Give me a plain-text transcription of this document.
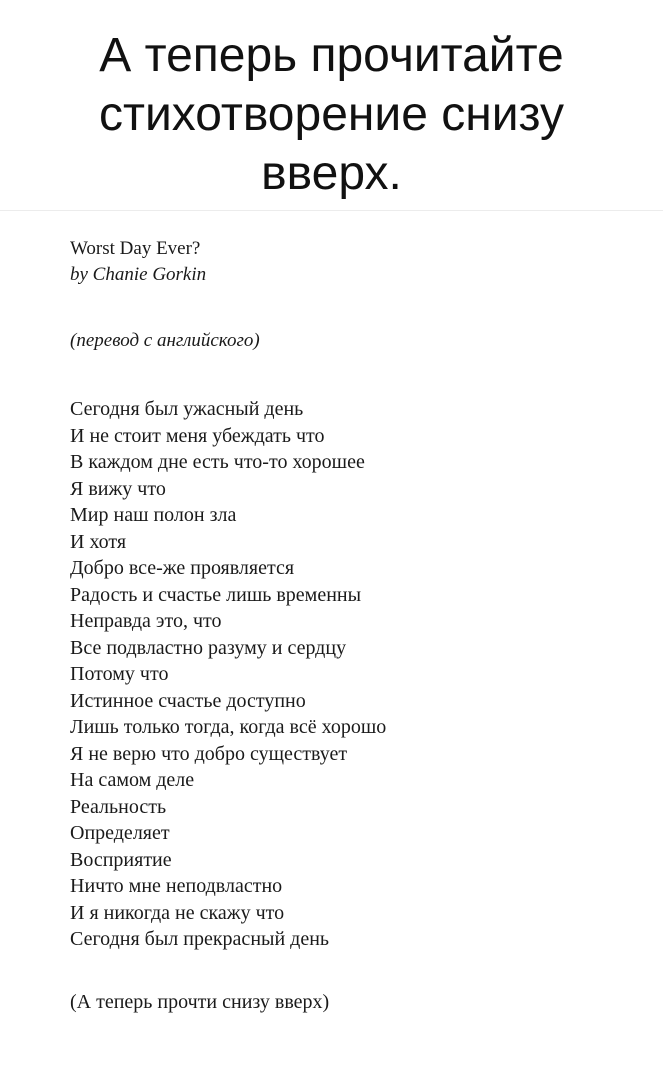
А теперь прочитайте
стихотворение снизу
вверх.
Worst Day Ever?
by Chanie Gorkin
(перевод с английского)
Сегодня был ужасный день
И не стоит меня убеждать что
В каждом дне есть что-то хорошее
Я вижу что
Мир наш полон зла
И хотя
Добро все-же проявляется
Радость и счастье лишь временны
Неправда это, что
Все подвластно разуму и сердцу
Потому что
Истинное счастье доступно
Лишь только тогда, когда всё хорошо
Я не верю что добро существует
На самом деле
Реальность
Определяет
Восприятие
Ничто мне неподвластно
И я никогда не скажу что
Сегодня был прекрасный день
(А теперь прочти снизу вверх)
